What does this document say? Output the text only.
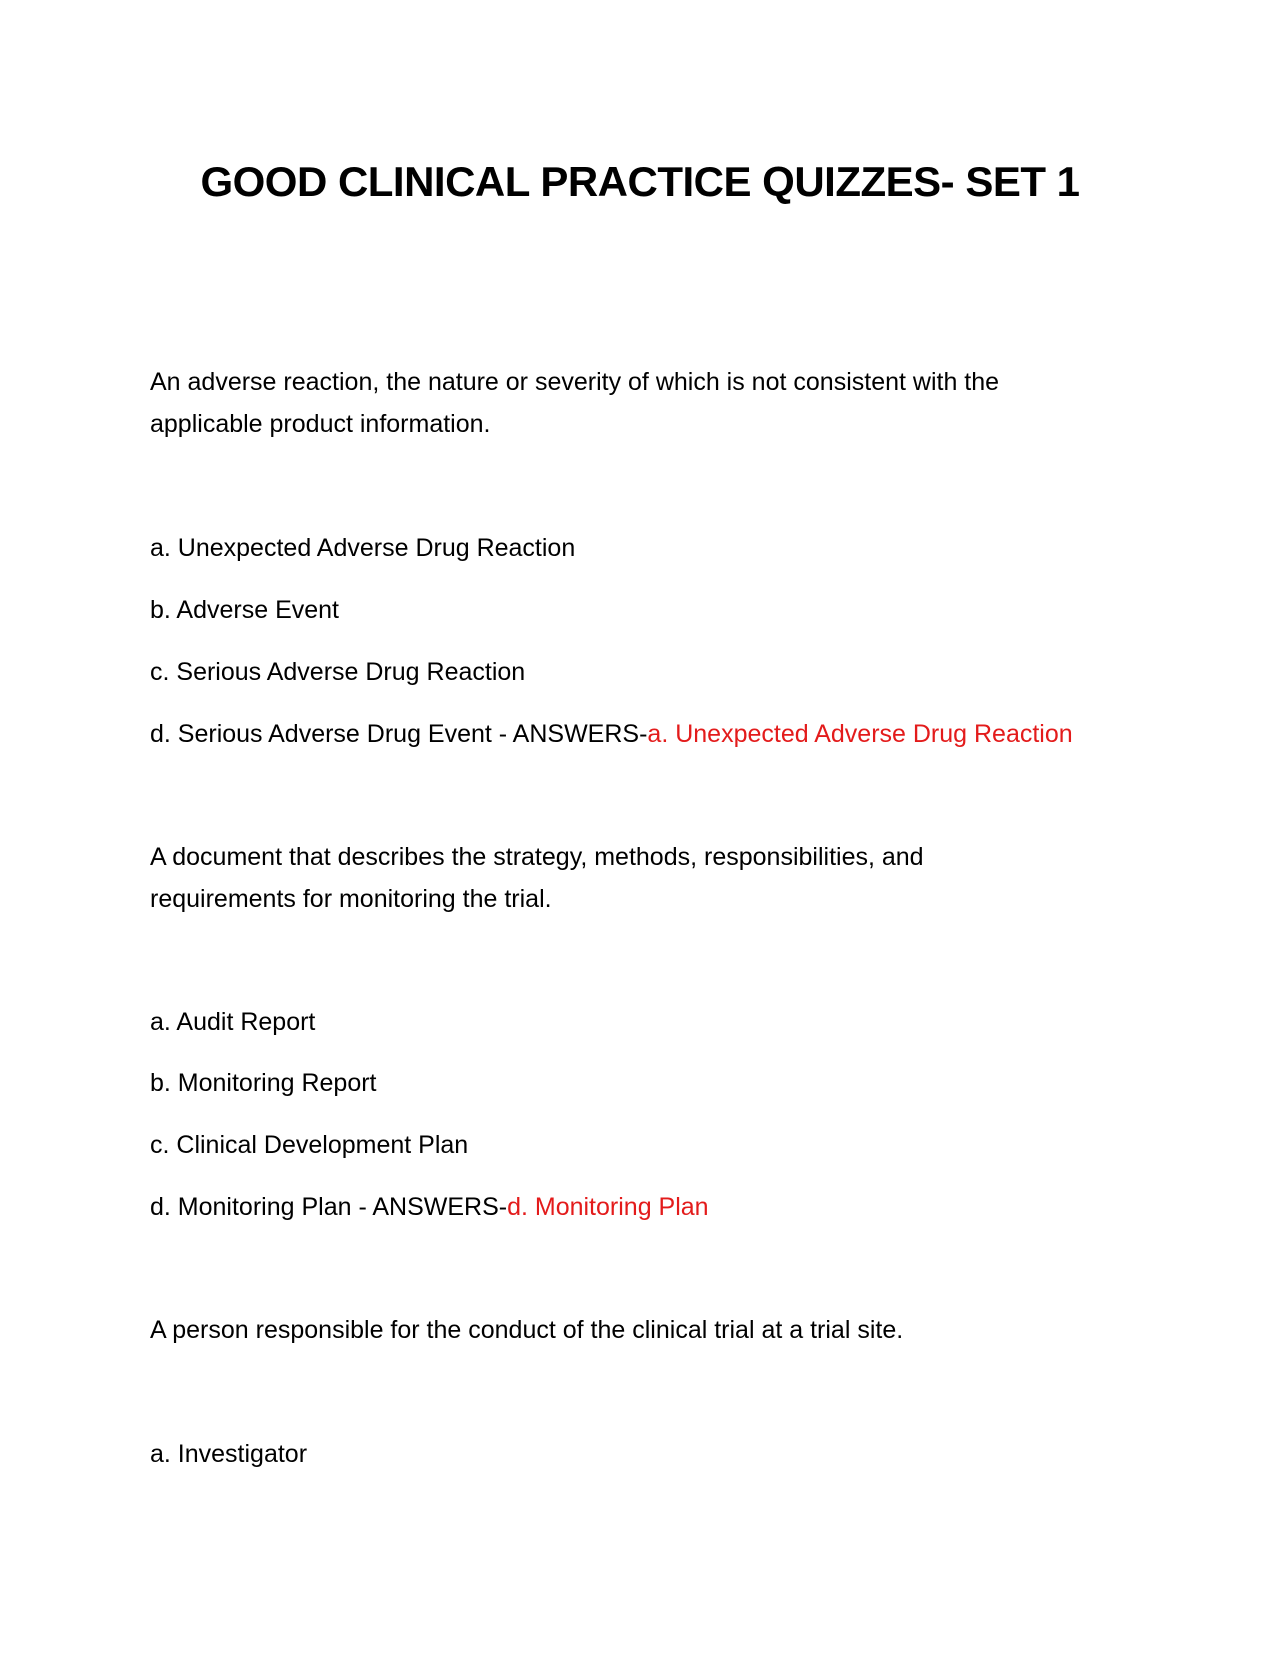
GOOD CLINICAL PRACTICE QUIZZES- SET 1

An adverse reaction, the nature or severity of which is not consistent with the

applicable product information.

a. Unexpected Adverse Drug Reaction

b. Adverse Event

c. Serious Adverse Drug Reaction

d. Serious Adverse Drug Event - ANSWERS-a. Unexpected Adverse Drug Reaction

A document that describes the strategy, methods, responsibilities, and

requirements for monitoring the trial.

a. Audit Report

b. Monitoring Report

c. Clinical Development Plan

d. Monitoring Plan - ANSWERS-d. Monitoring Plan

A person responsible for the conduct of the clinical trial at a trial site.

a. Investigator
